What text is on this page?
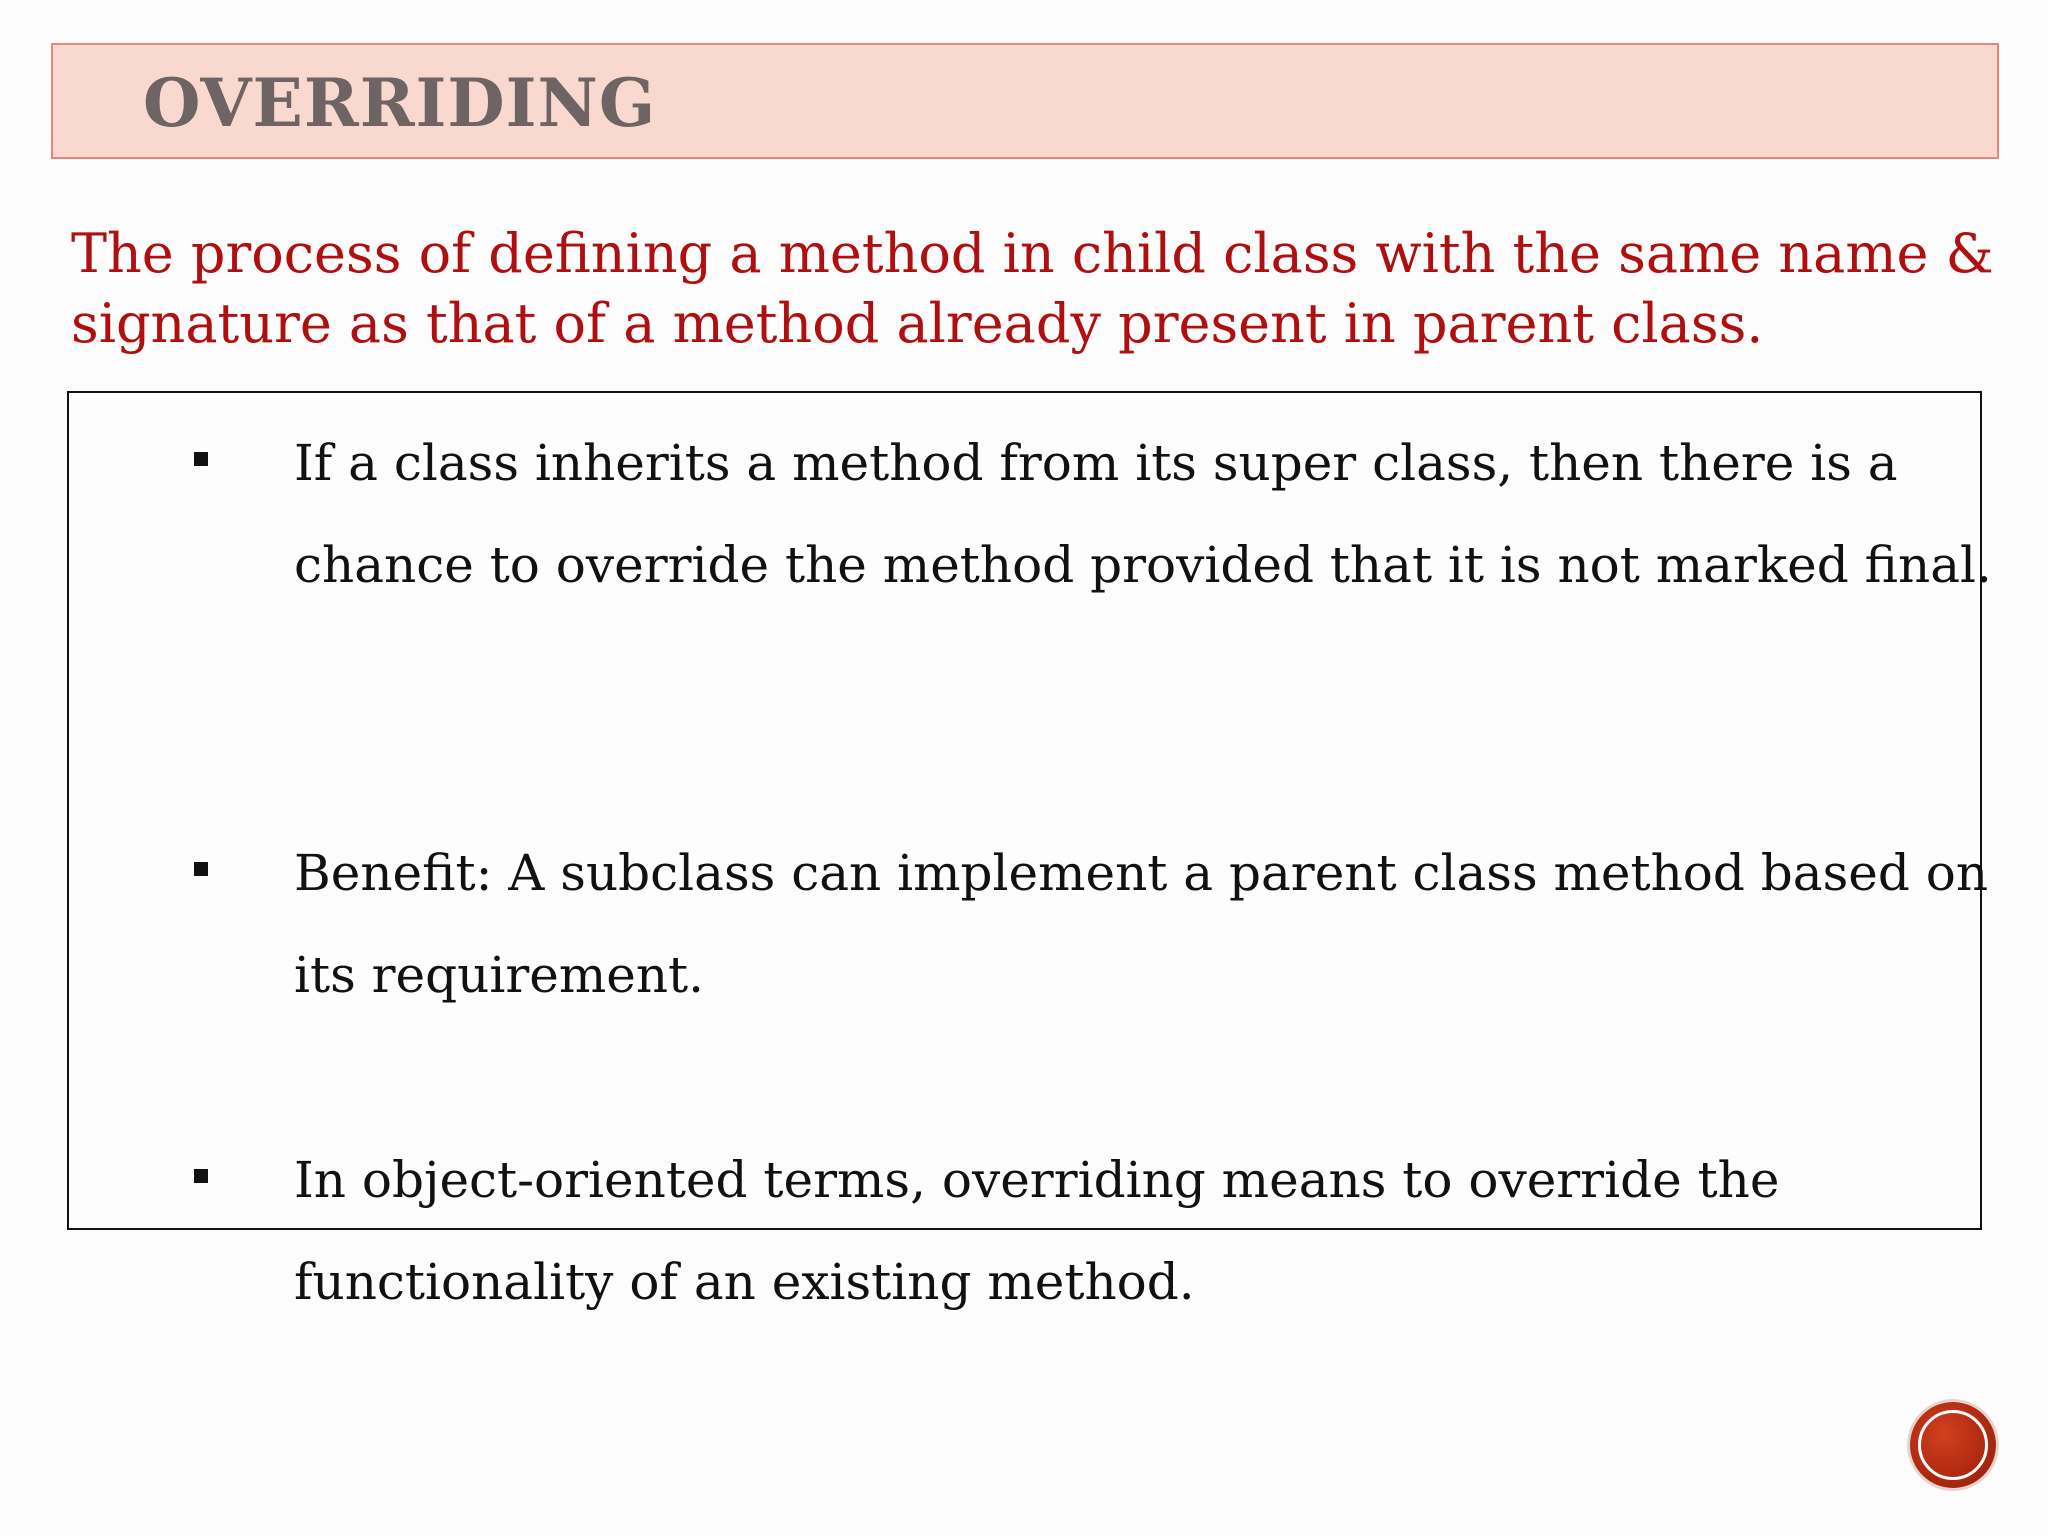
OVERRIDING
The process of defining a method in child class with the same name & signature as that of a method already present in parent class.
If a class inherits a method from its super class, then there is a chance to override the method provided that it is not marked final.
Benefit: A subclass can implement a parent class method based on its requirement.
In object-oriented terms, overriding means to override the functionality of an existing method.
